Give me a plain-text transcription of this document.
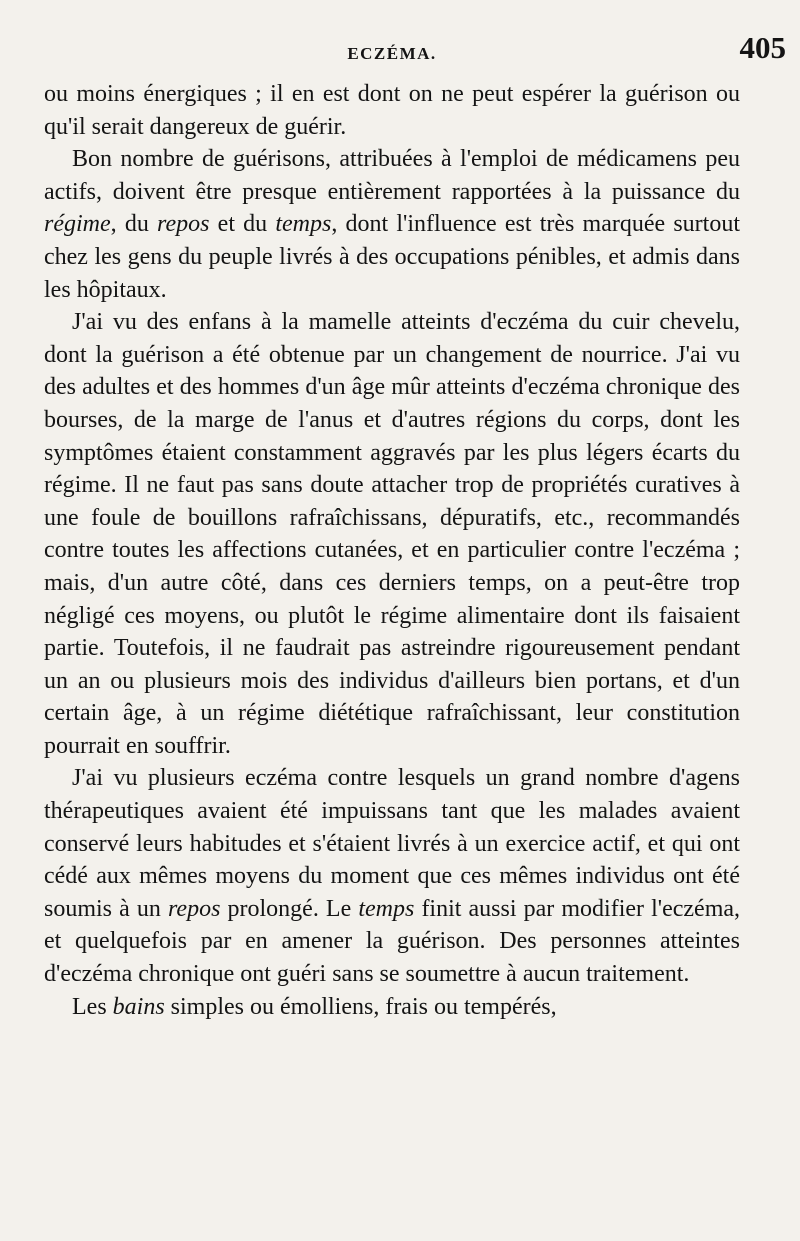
ECZÉMA.	405

ou moins énergiques ; il en est dont on ne peut espérer la guérison ou qu'il serait dangereux de guérir.

Bon nombre de guérisons, attribuées à l'emploi de médicamens peu actifs, doivent être presque entièrement rapportées à la puissance du régime, du repos et du temps, dont l'influence est très marquée surtout chez les gens du peuple livrés à des occupations pénibles, et admis dans les hôpitaux.

J'ai vu des enfans à la mamelle atteints d'eczéma du cuir chevelu, dont la guérison a été obtenue par un changement de nourrice. J'ai vu des adultes et des hommes d'un âge mûr atteints d'eczéma chronique des bourses, de la marge de l'anus et d'autres régions du corps, dont les symptômes étaient constamment aggravés par les plus légers écarts du régime. Il ne faut pas sans doute attacher trop de propriétés curatives à une foule de bouillons rafraîchissans, dépuratifs, etc., recommandés contre toutes les affections cutanées, et en particulier contre l'eczéma ; mais, d'un autre côté, dans ces derniers temps, on a peut-être trop négligé ces moyens, ou plutôt le régime alimentaire dont ils faisaient partie. Toutefois, il ne faudrait pas astreindre rigoureusement pendant un an ou plusieurs mois des individus d'ailleurs bien portans, et d'un certain âge, à un régime diététique rafraîchissant, leur constitution pourrait en souffrir.

J'ai vu plusieurs eczéma contre lesquels un grand nombre d'agens thérapeutiques avaient été impuissans tant que les malades avaient conservé leurs habitudes et s'étaient livrés à un exercice actif, et qui ont cédé aux mêmes moyens du moment que ces mêmes individus ont été soumis à un repos prolongé. Le temps finit aussi par modifier l'eczéma, et quelquefois par en amener la guérison. Des personnes atteintes d'eczéma chronique ont guéri sans se soumettre à aucun traitement.

Les bains simples ou émolliens, frais ou tempérés,
